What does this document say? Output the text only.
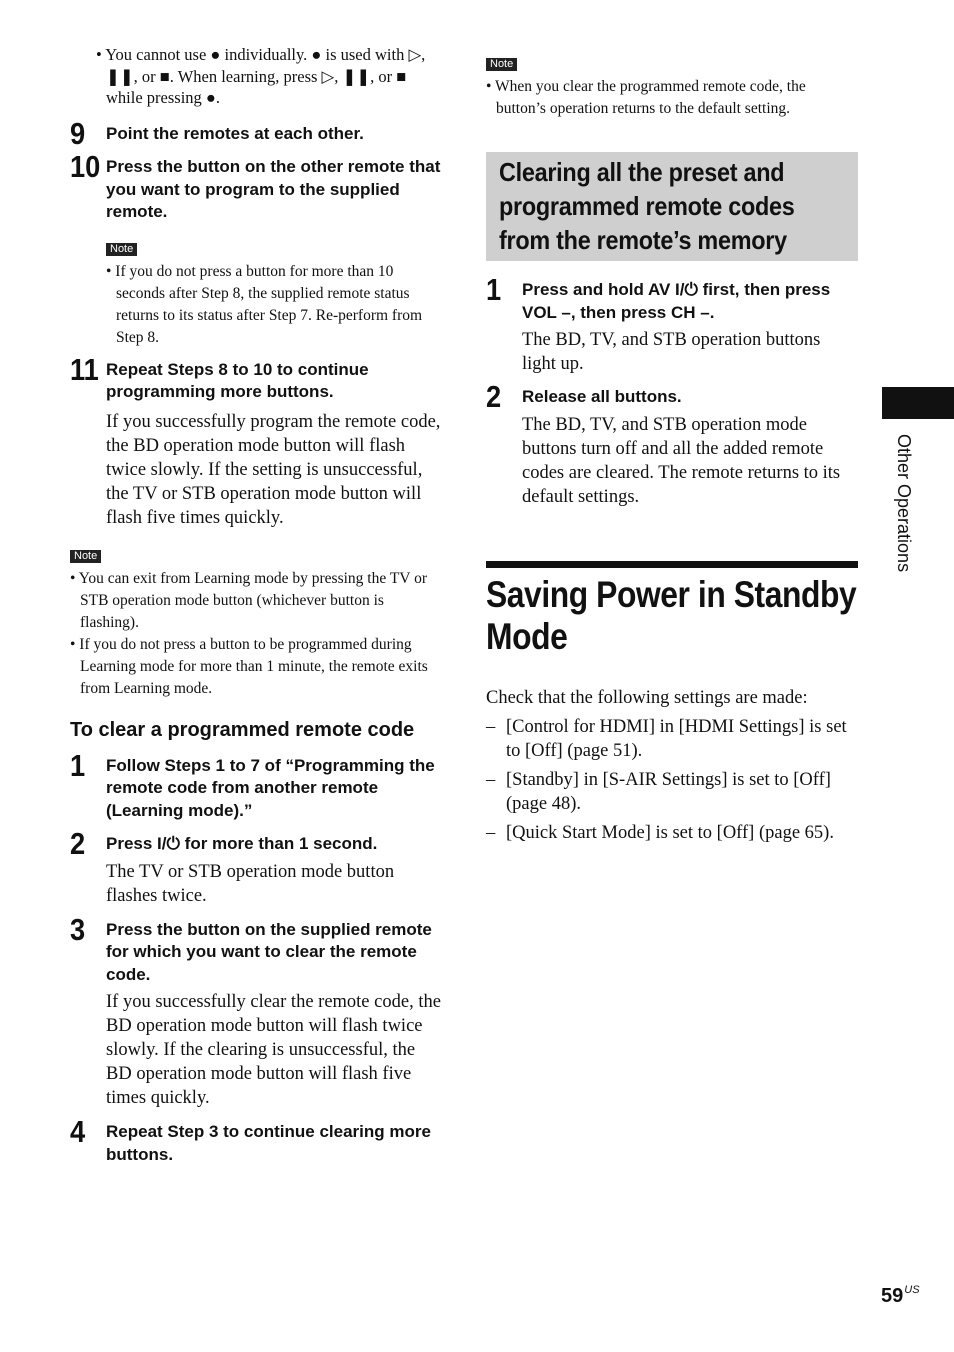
• You cannot use ● individually. ● is used with ▷, ❚❚, or ■. When learning, press ▷, ❚❚, or ■ while pressing ●.
9 Point the remotes at each other.
10 Press the button on the other remote that you want to program to the supplied remote.
Note
• If you do not press a button for more than 10 seconds after Step 8, the supplied remote status returns to its status after Step 7. Re-perform from Step 8.
11 Repeat Steps 8 to 10 to continue programming more buttons.
If you successfully program the remote code, the BD operation mode button will flash twice slowly. If the setting is unsuccessful, the TV or STB operation mode button will flash five times quickly.
Note
• You can exit from Learning mode by pressing the TV or STB operation mode button (whichever button is flashing).
• If you do not press a button to be programmed during Learning mode for more than 1 minute, the remote exits from Learning mode.
To clear a programmed remote code
1 Follow Steps 1 to 7 of “Programming the remote code from another remote (Learning mode).”
2 Press I/⏻ for more than 1 second.
The TV or STB operation mode button flashes twice.
3 Press the button on the supplied remote for which you want to clear the remote code.
If you successfully clear the remote code, the BD operation mode button will flash twice slowly. If the clearing is unsuccessful, the BD operation mode button will flash five times quickly.
4 Repeat Step 3 to continue clearing more buttons.
Note
• When you clear the programmed remote code, the button’s operation returns to the default setting.
Clearing all the preset and
programmed remote codes
from the remote’s memory
1 Press and hold AV I/⏻ first, then press VOL –, then press CH –.
The BD, TV, and STB operation buttons light up.
2 Release all buttons.
The BD, TV, and STB operation mode buttons turn off and all the added remote codes are cleared. The remote returns to its default settings.
Saving Power in Standby
Mode
Check that the following settings are made:
– [Control for HDMI] in [HDMI Settings] is set to [Off] (page 51).
– [Standby] in [S-AIR Settings] is set to [Off] (page 48).
– [Quick Start Mode] is set to [Off] (page 65).
Other Operations
$59^{US}$
